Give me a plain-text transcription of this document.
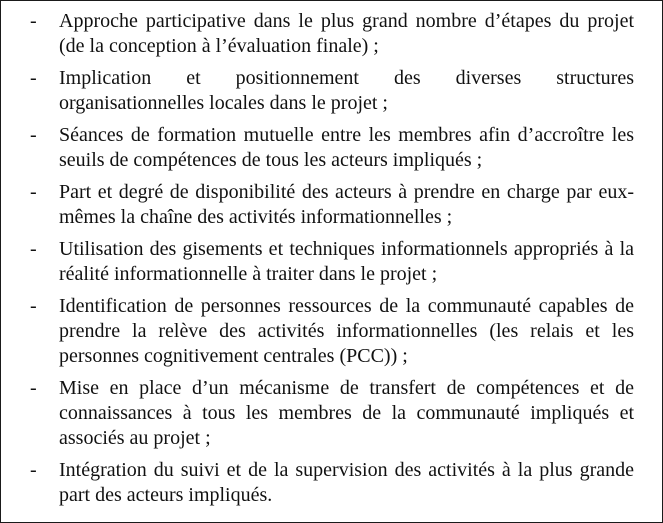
-	Approche participative dans le plus grand nombre d’étapes du projet (de la conception à l’évaluation finale) ;

-	Implication et positionnement des diverses structures organisationnelles locales dans le projet ;

-	Séances de formation mutuelle entre les membres afin d’accroître les seuils de compétences de tous les acteurs impliqués ;

-	Part et degré de disponibilité des acteurs à prendre en charge par eux-mêmes la chaîne des activités informationnelles ;

-	Utilisation des gisements et techniques informationnels appropriés à la réalité informationnelle à traiter dans le projet ;

-	Identification de personnes ressources de la communauté capables de prendre la relève des activités informationnelles (les relais et les personnes cognitivement centrales (PCC)) ;

-	Mise en place d’un mécanisme de transfert de compétences et de connaissances à tous les membres de la communauté impliqués et associés au projet ;

-	Intégration du suivi et de la supervision des activités à la plus grande part des acteurs impliqués.
